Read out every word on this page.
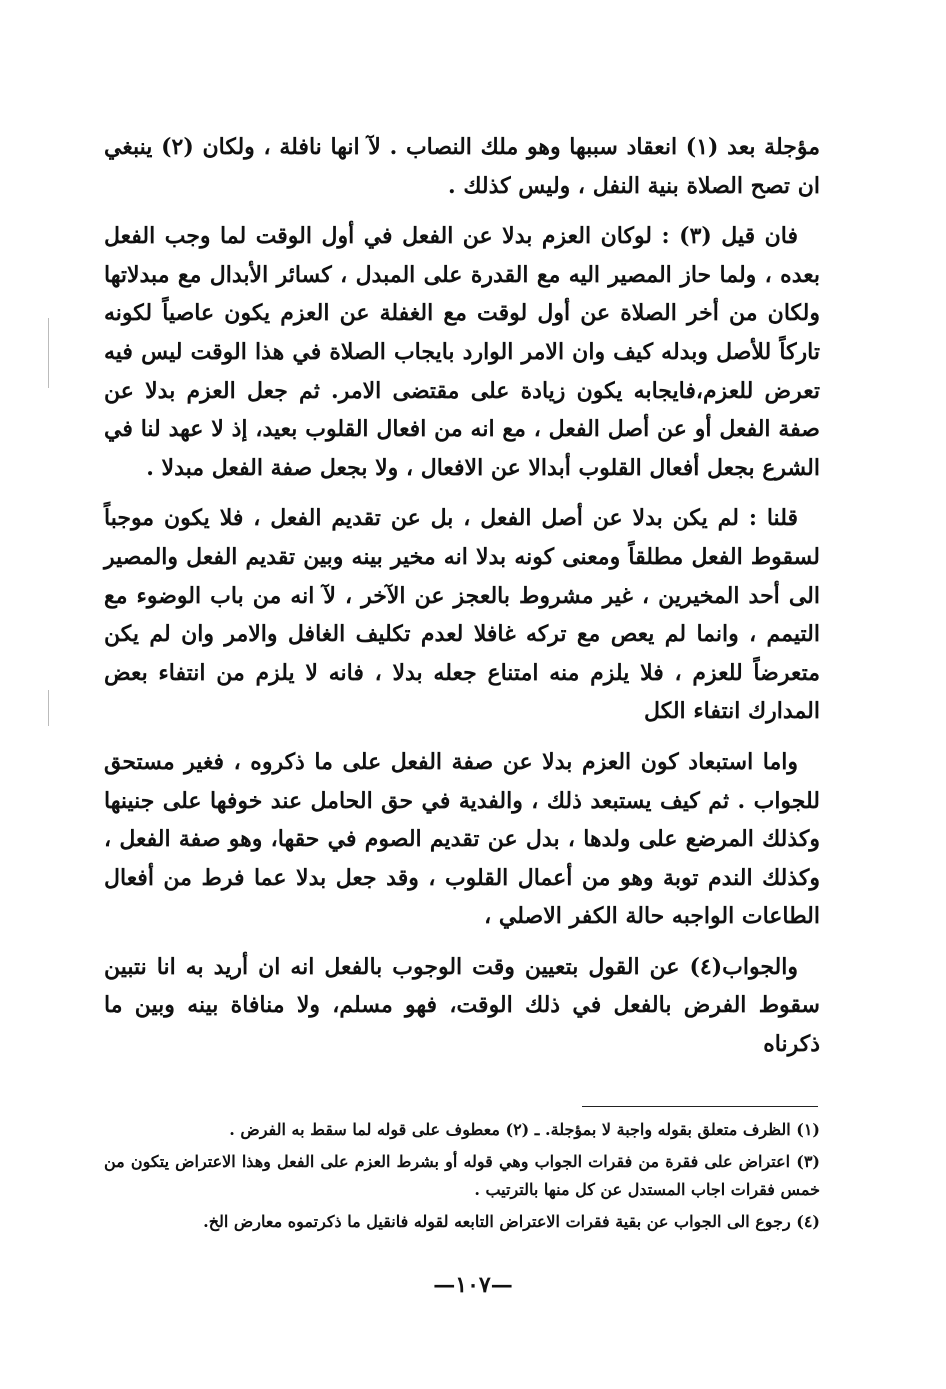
مؤجلة بعد (١) انعقاد سببها وهو ملك النصاب . لآ انها نافلة ، ولكان (٢) ينبغي ان تصح الصلاة بنية النفل ، وليس كذلك .

فان قيل (٣) : لوكان العزم بدلا عن الفعل في أول الوقت لما وجب الفعل بعده ، ولما حاز المصير اليه مع القدرة على المبدل ، كسائر الأبدال مع مبدلاتها ولكان من أخر الصلاة عن أول لوقت مع الغفلة عن العزم يكون عاصياً لكونه تاركاً للأصل وبدله كيف وان الامر الوارد بايجاب الصلاة في هذا الوقت ليس فيه تعرض للعزم،فايجابه يكون زيادة على مقتضى الامر. ثم جعل العزم بدلا عن صفة الفعل أو عن أصل الفعل ، مع انه من افعال القلوب بعيد، إذ لا عهد لنا في الشرع بجعل أفعال القلوب أبدالا عن الافعال ، ولا بجعل صفة الفعل مبدلا .

قلنا : لم يكن بدلا عن أصل الفعل ، بل عن تقديم الفعل ، فلا يكون موجباً لسقوط الفعل مطلقاً ومعنى كونه بدلا انه مخير بينه وبين تقديم الفعل والمصير الى أحد المخيرين ، غير مشروط بالعجز عن الآخر ، لآ انه من باب الوضوء مع التيمم ، وانما لم يعص مع تركه غافلا لعدم تكليف الغافل والامر وان لم يكن متعرضاً للعزم ، فلا يلزم منه امتناع جعله بدلا ، فانه لا يلزم من انتفاء بعض المدارك انتفاء الكل

واما استبعاد كون العزم بدلا عن صفة الفعل على ما ذكروه ، فغير مستحق للجواب . ثم كيف يستبعد ذلك ، والفدية في حق الحامل عند خوفها على جنينها وكذلك المرضع على ولدها ، بدل عن تقديم الصوم في حقها، وهو صفة الفعل ، وكذلك الندم توبة وهو من أعمال القلوب ، وقد جعل بدلا عما فرط من أفعال الطاعات الواجبه حالة الكفر الاصلي ،

والجواب(٤) عن القول بتعيين وقت الوجوب بالفعل انه ان أريد به انا نتبين سقوط الفرض بالفعل في ذلك الوقت، فهو مسلم، ولا منافاة بينه وبين ما ذكرناه

(١) الظرف متعلق بقوله واجبة لا بمؤجلة. ـ (٢) معطوف على قوله لما سقط به الفرض .

(٣) اعتراض على فقرة من فقرات الجواب وهي قوله أو بشرط العزم على الفعل وهذا الاعتراض يتكون من خمس فقرات اجاب المستدل عن كل منها بالترتيب .

(٤) رجوع الى الجواب عن بقية فقرات الاعتراض التابعه لقوله فانقيل ما ذكرتموه معارض الخ.

—١٠٧—
